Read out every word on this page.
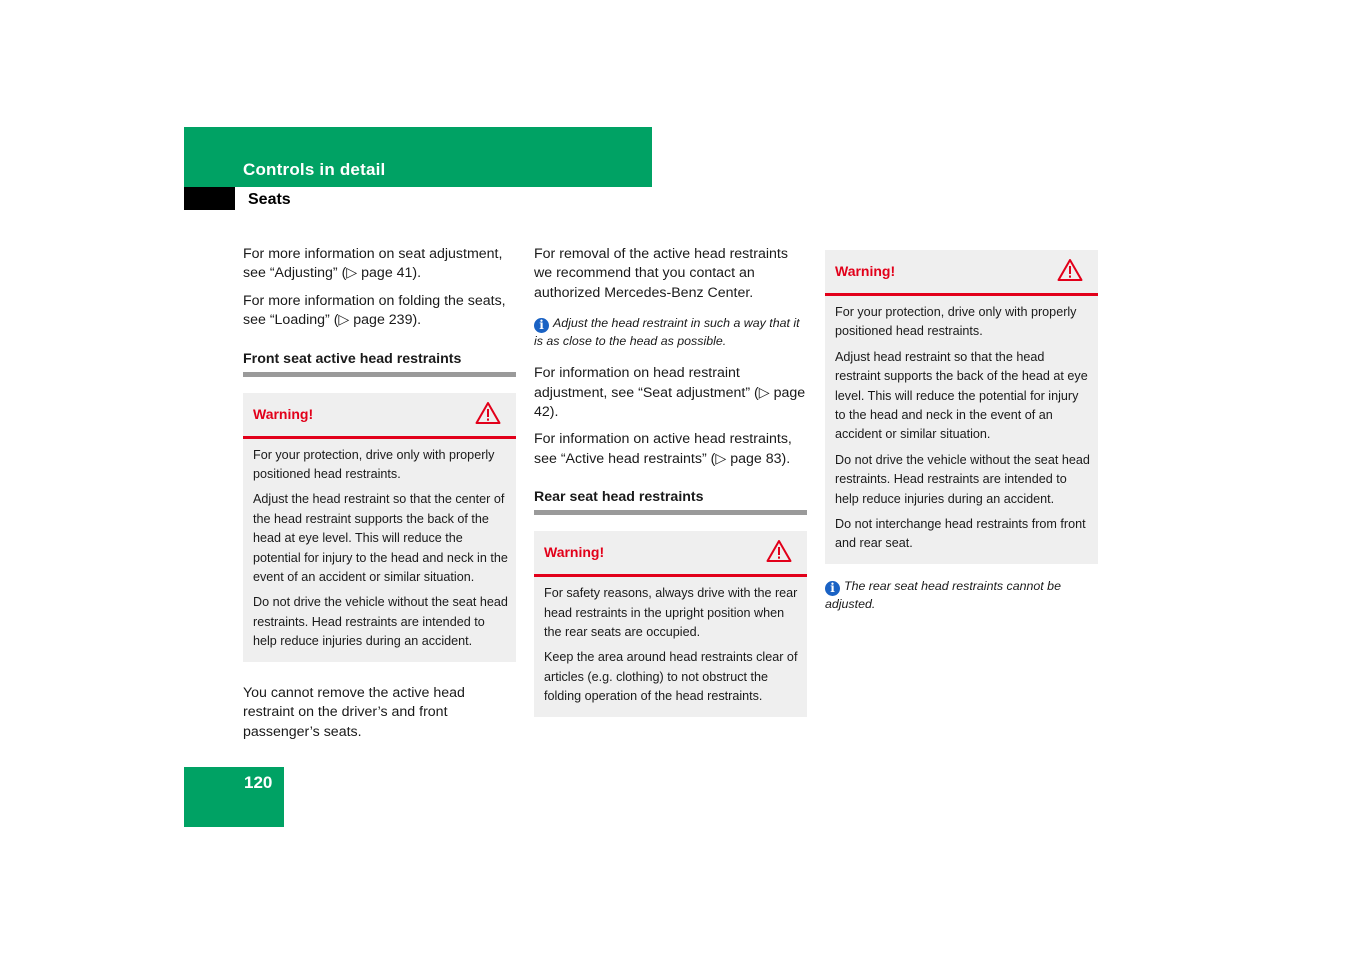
Controls in detail
Seats

For more information on seat adjustment, see “Adjusting” (▷ page 41).

For more information on folding the seats, see “Loading” (▷ page 239).

Front seat active head restraints
Warning!

For your protection, drive only with properly positioned head restraints.

Adjust the head restraint so that the center of the head restraint supports the back of the head at eye level. This will reduce the potential for injury to the head and neck in the event of an accident or similar situation.

Do not drive the vehicle without the seat head restraints. Head restraints are intended to help reduce injuries during an accident.

You cannot remove the active head restraint on the driver’s and front passenger’s seats.

For removal of the active head restraints we recommend that you contact an authorized Mercedes-Benz Center.

i Adjust the head restraint in such a way that it is as close to the head as possible.

For information on head restraint adjustment, see “Seat adjustment” (▷ page 42).

For information on active head restraints, see “Active head restraints” (▷ page 83).

Rear seat head restraints
Warning!

For safety reasons, always drive with the rear head restraints in the upright position when the rear seats are occupied.

Keep the area around head restraints clear of articles (e.g. clothing) to not obstruct the folding operation of the head restraints.

Warning!

For your protection, drive only with properly positioned head restraints.

Adjust head restraint so that the head restraint supports the back of the head at eye level. This will reduce the potential for injury to the head and neck in the event of an accident or similar situation.

Do not drive the vehicle without the seat head restraints. Head restraints are intended to help reduce injuries during an accident.

Do not interchange head restraints from front and rear seat.

i The rear seat head restraints cannot be adjusted.
120
